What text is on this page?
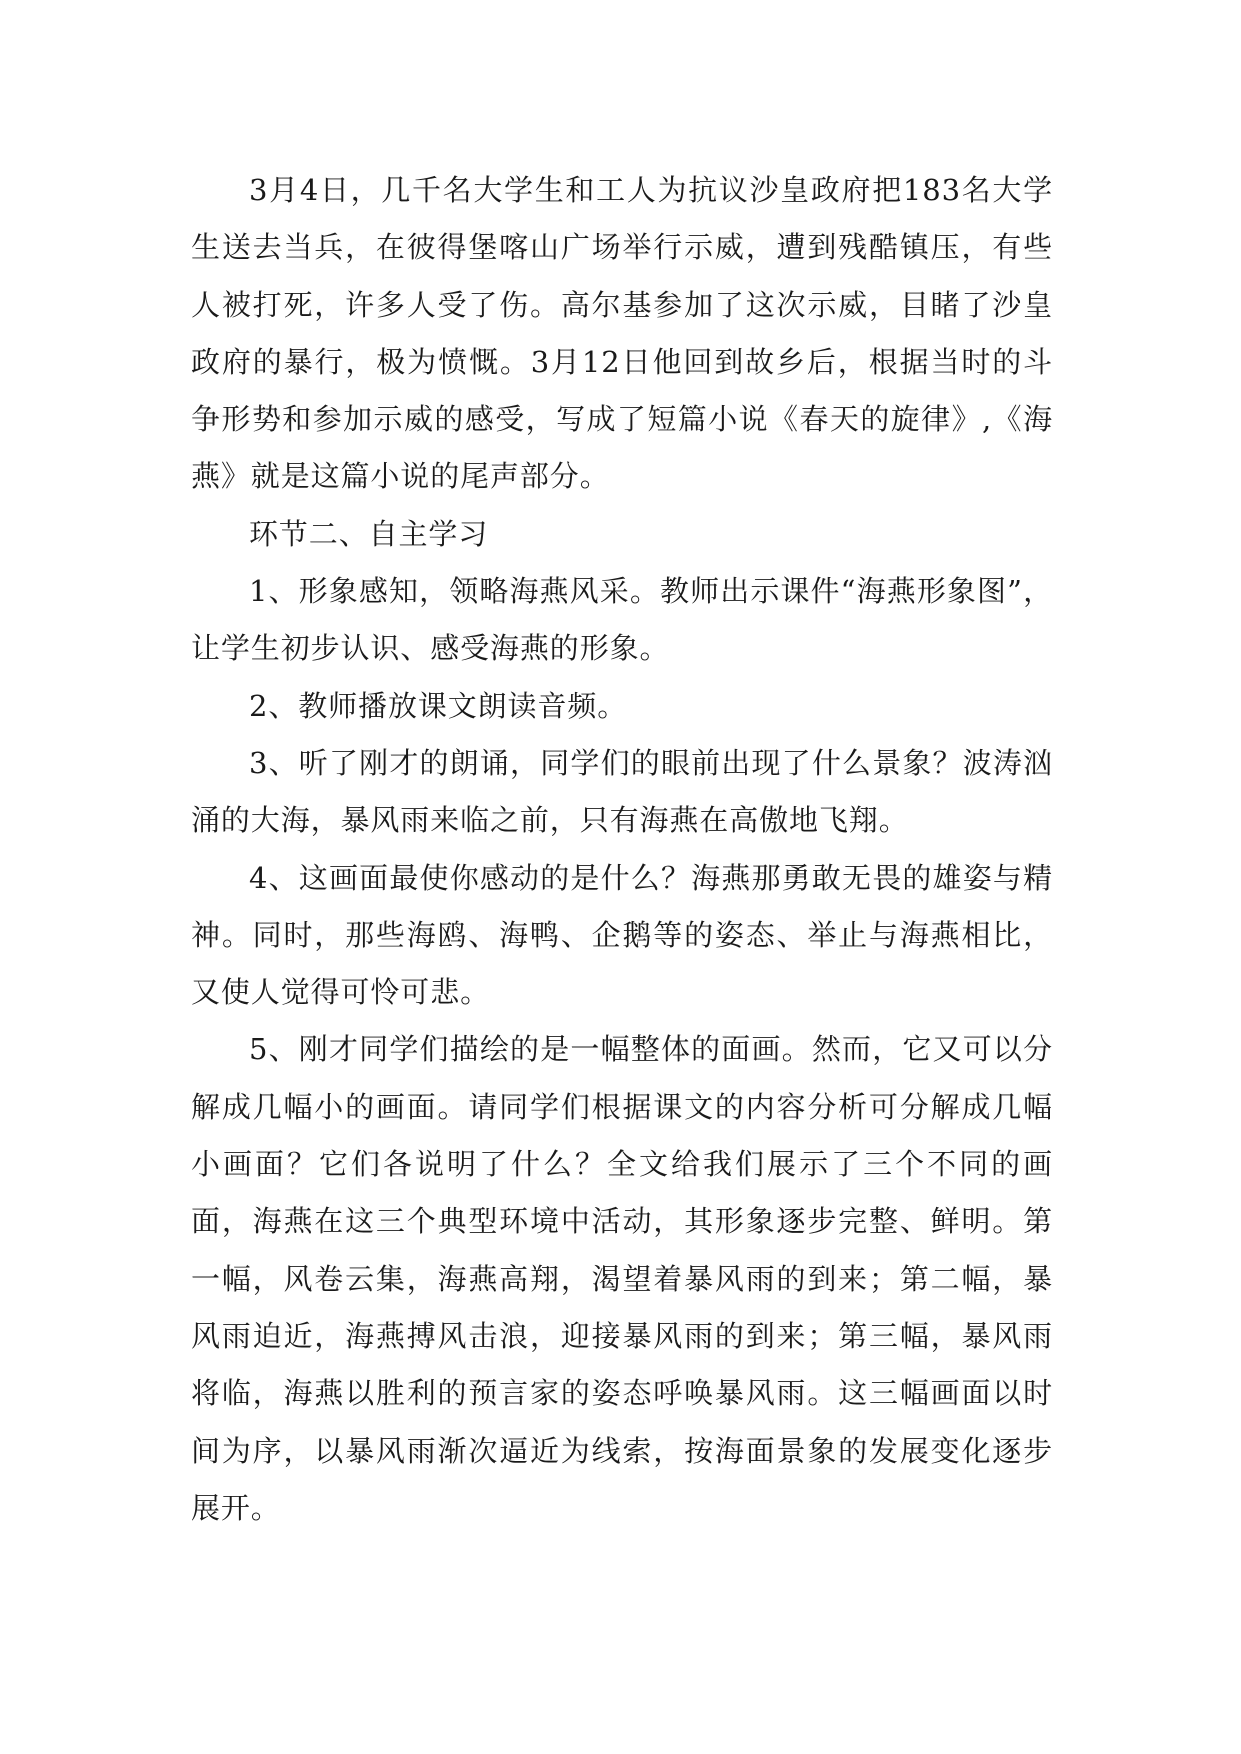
3月4日，几千名大学生和工人为抗议沙皇政府把183名大学生送去当兵，在彼得堡喀山广场举行示威，遭到残酷镇压，有些人被打死，许多人受了伤。高尔基参加了这次示威，目睹了沙皇政府的暴行，极为愤慨。3月12日他回到故乡后，根据当时的斗争形势和参加示威的感受，写成了短篇小说《春天的旋律》,《海燕》就是这篇小说的尾声部分。

环节二、自主学习

1、形象感知，领略海燕风采。教师出示课件“海燕形象图”，让学生初步认识、感受海燕的形象。

2、教师播放课文朗读音频。

3、听了刚才的朗诵，同学们的眼前出现了什么景象？波涛汹涌的大海，暴风雨来临之前，只有海燕在高傲地飞翔。

4、这画面最使你感动的是什么？海燕那勇敢无畏的雄姿与精神。同时，那些海鸥、海鸭、企鹅等的姿态、举止与海燕相比，又使人觉得可怜可悲。

5、刚才同学们描绘的是一幅整体的面画。然而，它又可以分解成几幅小的画面。请同学们根据课文的内容分析可分解成几幅小画面？它们各说明了什么？全文给我们展示了三个不同的画面，海燕在这三个典型环境中活动，其形象逐步完整、鲜明。第一幅，风卷云集，海燕高翔，渴望着暴风雨的到来；第二幅，暴风雨迫近，海燕搏风击浪，迎接暴风雨的到来；第三幅，暴风雨将临，海燕以胜利的预言家的姿态呼唤暴风雨。这三幅画面以时间为序，以暴风雨渐次逼近为线索，按海面景象的发展变化逐步展开。
